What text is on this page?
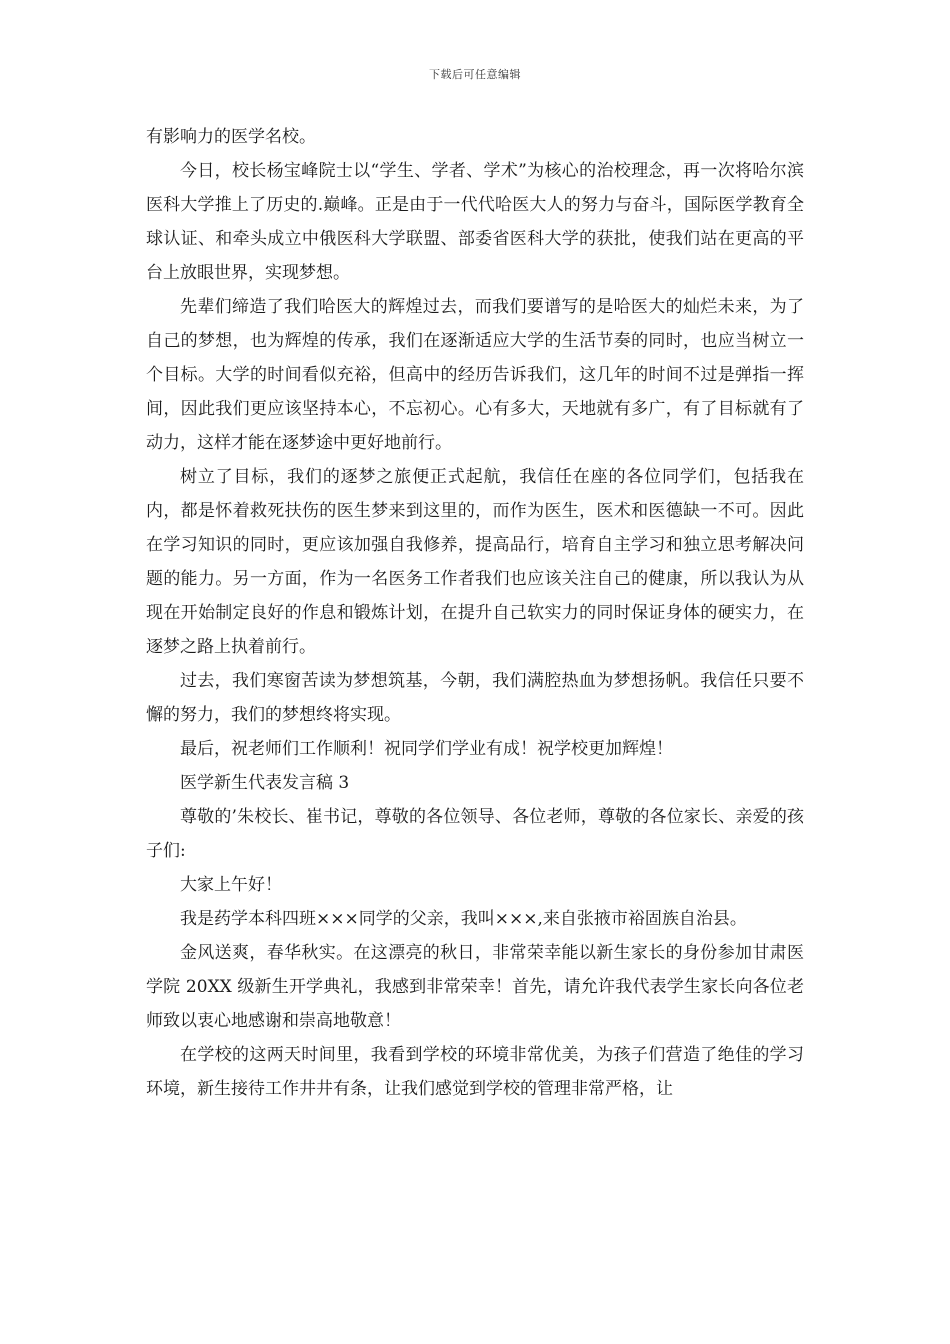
下载后可任意编辑

有影响力的医学名校。

今日，校长杨宝峰院士以“学生、学者、学术”为核心的治校理念，再一次将哈尔滨医科大学推上了历史的.巅峰。正是由于一代代哈医大人的努力与奋斗，国际医学教育全球认证、和牵头成立中俄医科大学联盟、部委省医科大学的获批，使我们站在更高的平台上放眼世界，实现梦想。

先辈们缔造了我们哈医大的辉煌过去，而我们要谱写的是哈医大的灿烂未来，为了自己的梦想，也为辉煌的传承，我们在逐渐适应大学的生活节奏的同时，也应当树立一个目标。大学的时间看似充裕，但高中的经历告诉我们，这几年的时间不过是弹指一挥间，因此我们更应该坚持本心，不忘初心。心有多大，天地就有多广，有了目标就有了动力，这样才能在逐梦途中更好地前行。

树立了目标，我们的逐梦之旅便正式起航，我信任在座的各位同学们，包括我在内，都是怀着救死扶伤的医生梦来到这里的，而作为医生，医术和医德缺一不可。因此在学习知识的同时，更应该加强自我修养，提高品行，培育自主学习和独立思考解决问题的能力。另一方面，作为一名医务工作者我们也应该关注自己的健康，所以我认为从现在开始制定良好的作息和锻炼计划，在提升自己软实力的同时保证身体的硬实力，在逐梦之路上执着前行。

过去，我们寒窗苦读为梦想筑基，今朝，我们满腔热血为梦想扬帆。我信任只要不懈的努力，我们的梦想终将实现。

最后，祝老师们工作顺利！祝同学们学业有成！祝学校更加辉煌！

医学新生代表发言稿 3

尊敬的’朱校长、崔书记，尊敬的各位领导、各位老师，尊敬的各位家长、亲爱的孩子们:

大家上午好！

我是药学本科四班×××同学的父亲，我叫×××,来自张掖市裕固族自治县。

金风送爽，春华秋实。在这漂亮的秋日，非常荣幸能以新生家长的身份参加甘肃医学院 20XX 级新生开学典礼，我感到非常荣幸！首先，请允许我代表学生家长向各位老师致以衷心地感谢和崇高地敬意！

在学校的这两天时间里，我看到学校的环境非常优美，为孩子们营造了绝佳的学习环境，新生接待工作井井有条，让我们感觉到学校的管理非常严格，让
